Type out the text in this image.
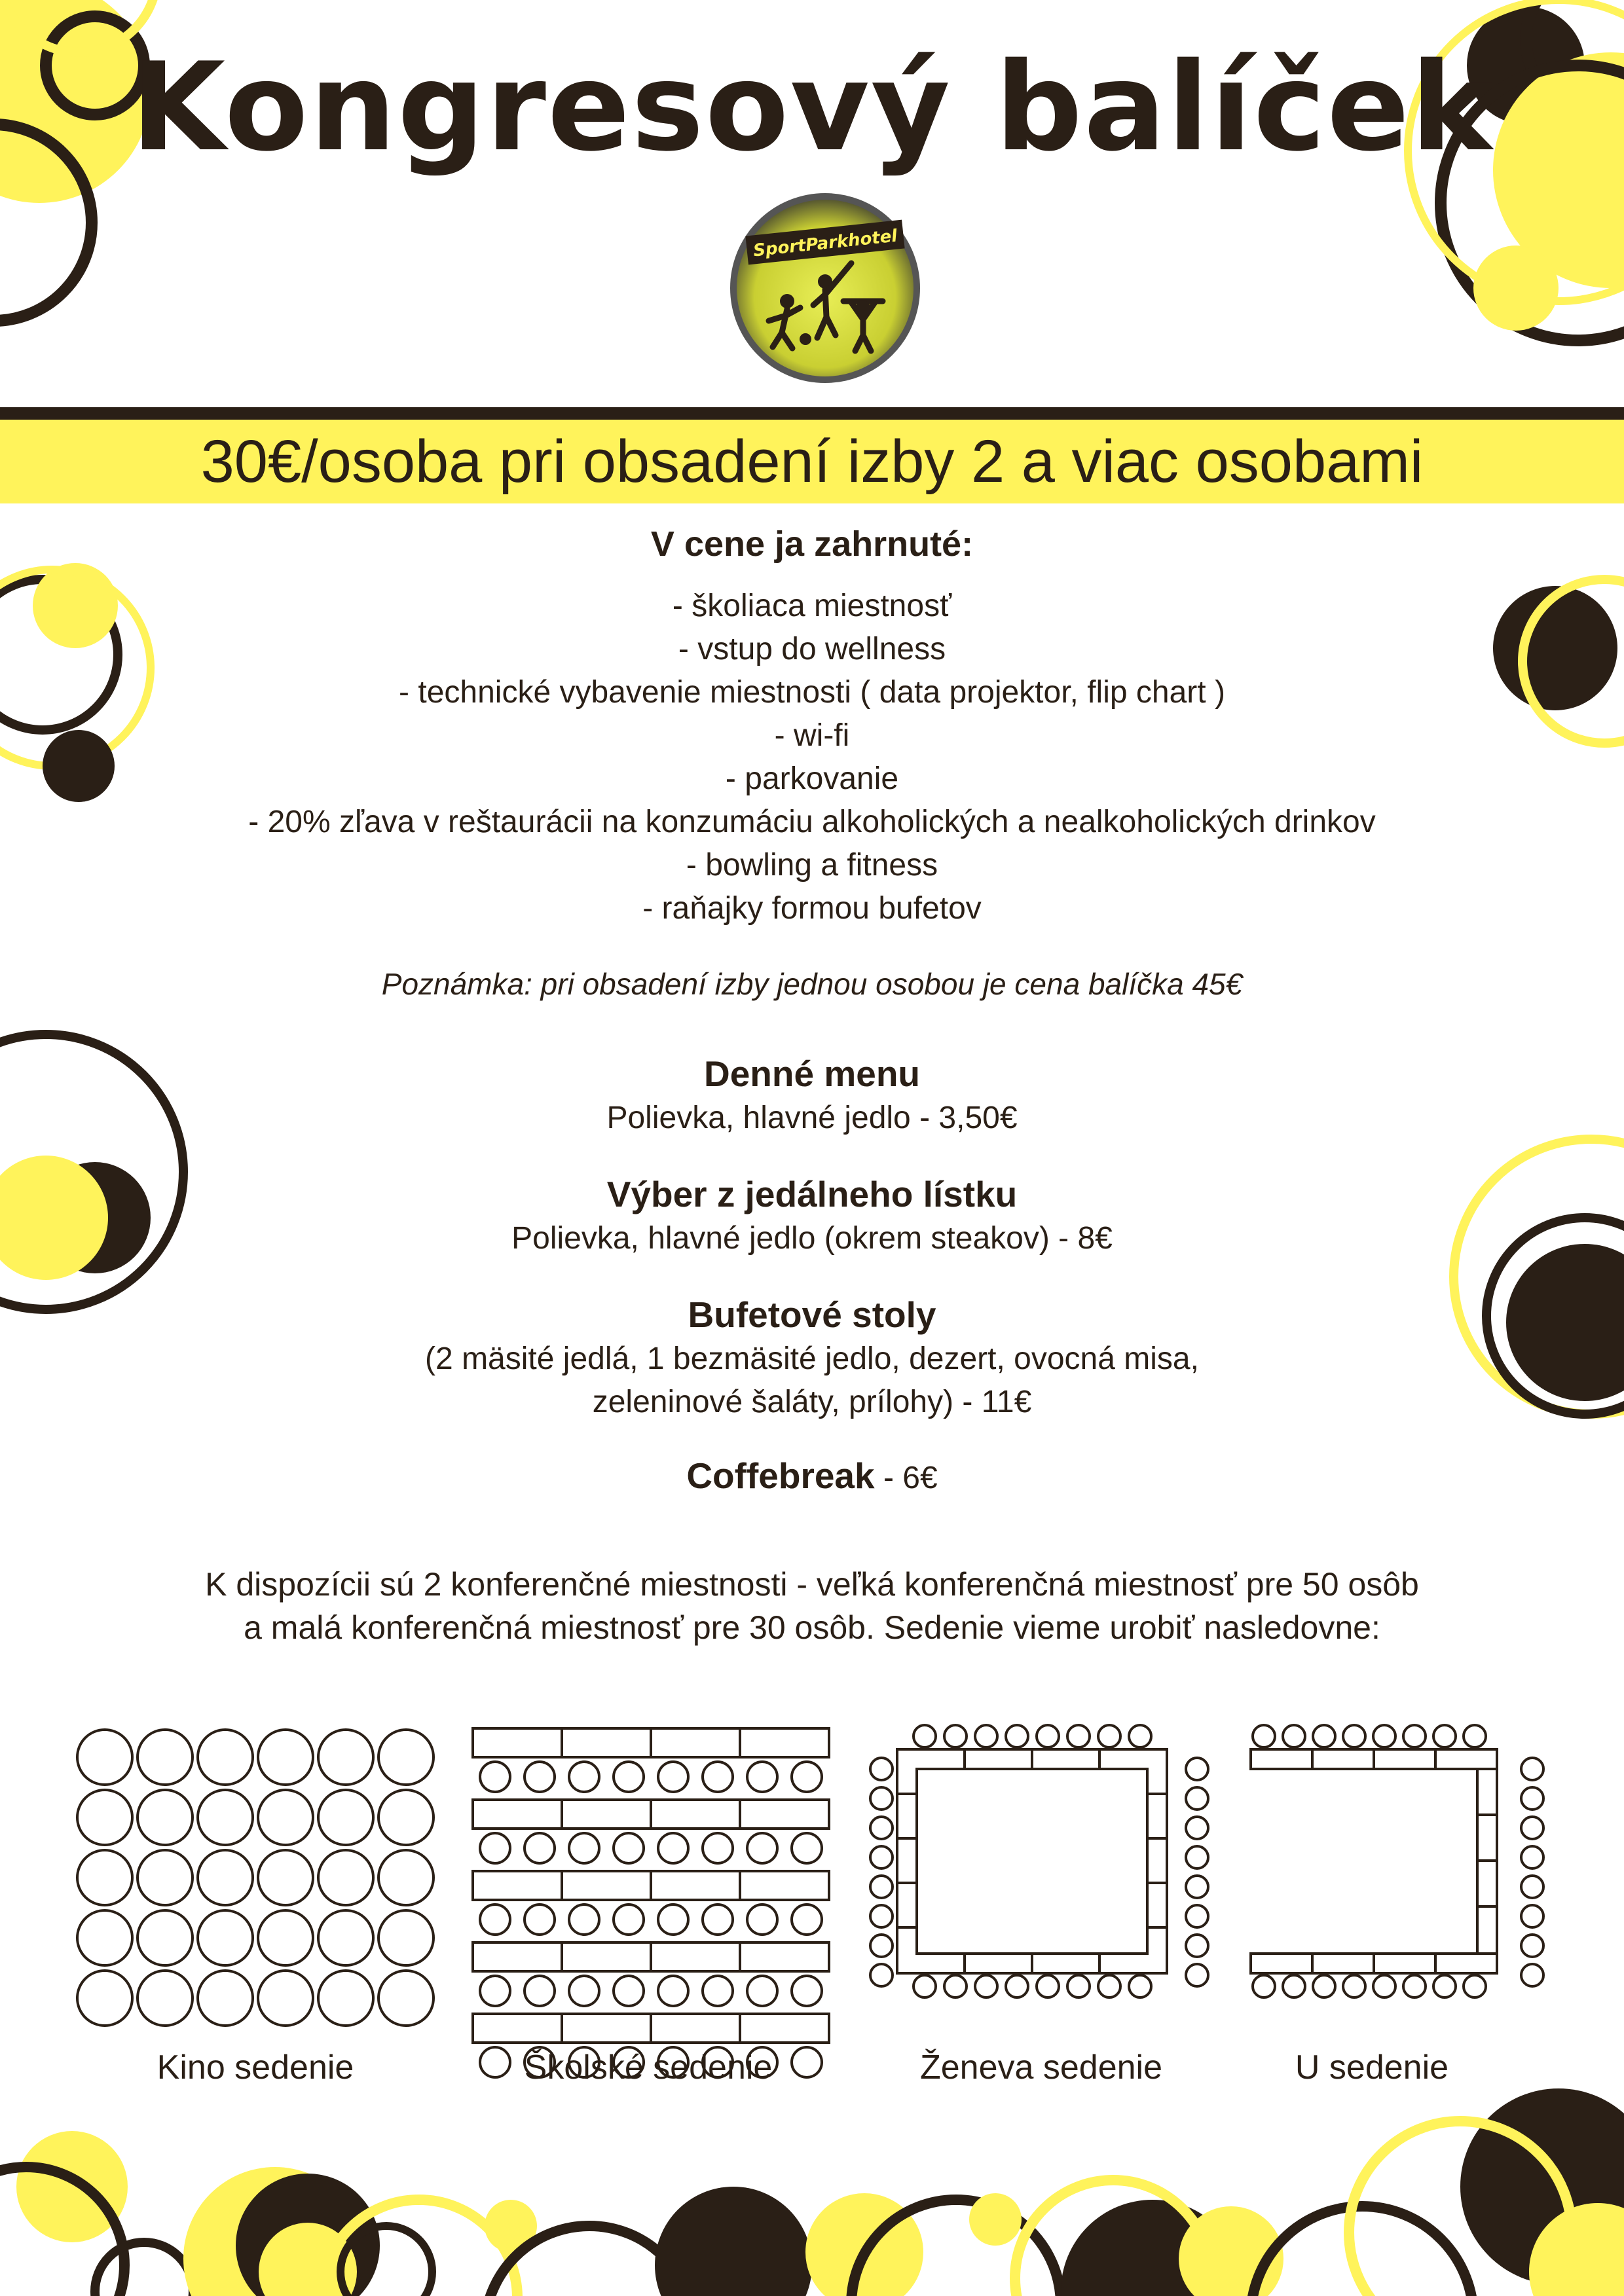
Kongresový balíček
SportParkhotel
30€/osoba pri obsadení izby 2 a viac osobami
V cene ja zahrnuté:
- školiaca miestnosť
- vstup do wellness
- technické vybavenie miestnosti ( data projektor, flip chart )
- wi-fi
- parkovanie
- 20% zľava v reštaurácii na konzumáciu alkoholických a nealkoholických drinkov
- bowling a fitness
- raňajky formou bufetov
Poznámka: pri obsadení izby jednou osobou je cena balíčka 45€
Denné menu
Polievka, hlavné jedlo - 3,50€
Výber z jedálneho lístku
Polievka, hlavné jedlo (okrem steakov) - 8€
Bufetové stoly
(2 mäsité jedlá, 1 bezmäsité jedlo, dezert, ovocná misa,
zeleninové šaláty, prílohy) - 11€
Coffebreak - 6€
K dispozícii sú 2 konferenčné miestnosti - veľká konferenčná miestnosť pre 50 osôb
a malá konferenčná miestnosť pre 30 osôb. Sedenie vieme urobiť nasledovne:
Kino sedenie	Školské sedenie	Ženeva sedenie	U sedenie
